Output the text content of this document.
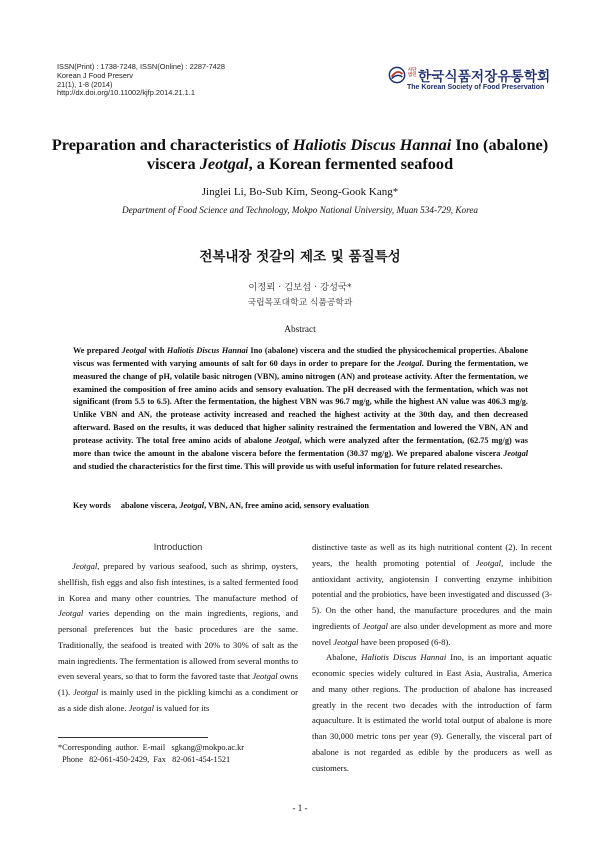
ISSN(Print) : 1738-7248, ISSN(Online) : 2287-7428
Korean J Food Preserv
21(1), 1-8 (2014)
http://dx.doi.org/10.11002/kjfp.2014.21.1.1
사단법인 한국식품저장유통학회
The Korean Society of Food Preservation
Preparation and characteristics of Haliotis Discus Hannai Ino (abalone)
viscera Jeotgal, a Korean fermented seafood
Jinglei Li, Bo-Sub Kim, Seong-Gook Kang*
Department of Food Science and Technology, Mokpo National University, Muan 534-729, Korea
전복내장 젓갈의 제조 및 품질특성
이정뢰 · 김보섭 · 강성국*
국립목포대학교 식품공학과
Abstract
We prepared Jeotgal with Haliotis Discus Hannai Ino (abalone) viscera and the studied the physicochemical properties. Abalone viscus was fermented with varying amounts of salt for 60 days in order to prepare for the Jeotgal. During the fermentation, we measured the change of pH, volatile basic nitrogen (VBN), amino nitrogen (AN) and protease activity. After the fermentation, we examined the composition of free amino acids and sensory evaluation. The pH decreased with the fermentation, which was not significant (from 5.5 to 6.5). After the fermentation, the highest VBN was 96.7 mg/g, while the highest AN value was 406.3 mg/g. Unlike VBN and AN, the protease activity increased and reached the highest activity at the 30th day, and then decreased afterward. Based on the results, it was deduced that higher salinity restrained the fermentation and lowered the VBN, AN and protease activity. The total free amino acids of abalone Jeotgal, which were analyzed after the fermentation, (62.75 mg/g) was more than twice the amount in the abalone viscera before the fermentation (30.37 mg/g). We prepared abalone viscera Jeotgal and studied the characteristics for the first time. This will provide us with useful information for future related researches.
Key words abalone viscera, Jeotgal, VBN, AN, free amino acid, sensory evaluation
Introduction

Jeotgal, prepared by various seafood, such as shrimp, oysters, shellfish, fish eggs and also fish intestines, is a salted fermented food in Korea and many other countries. The manufacture method of Jeotgal varies depending on the main ingredients, regions, and personal preferences but the basic procedures are the same. Traditionally, the seafood is treated with 20% to 30% of salt as the main ingredients. The fermentation is allowed from several months to even several years, so that to form the favored taste that Jeotgal owns (1). Jeotgal is mainly used in the pickling kimchi as a condiment or as a side dish alone. Jeotgal is valued for its

distinctive taste as well as its high nutritional content (2). In recent years, the health promoting potential of Jeotgal, include the antioxidant activity, angiotensin I converting enzyme inhibition potential and the probiotics, have been investigated and discussed (3-5). On the other hand, the manufacture procedures and the main ingredients of Jeotgal are also under development as more and more novel Jeotgal have been proposed (6-8).

Abalone, Haliotis Discus Hannai Ino, is an important aquatic economic species widely cultured in East Asia, Australia, America and many other regions. The production of abalone has increased greatly in the recent two decades with the introduction of farm aquaculture. It is estimated the world total output of abalone is more than 30,000 metric tons per year (9). Generally, the visceral part of abalone is not regarded as edible by the producers as well as customers.

*Corresponding  author.  E-mail   sgkang@mokpo.ac.kr
Phone   82-061-450-2429,  Fax   82-061-454-1521
- 1 -
